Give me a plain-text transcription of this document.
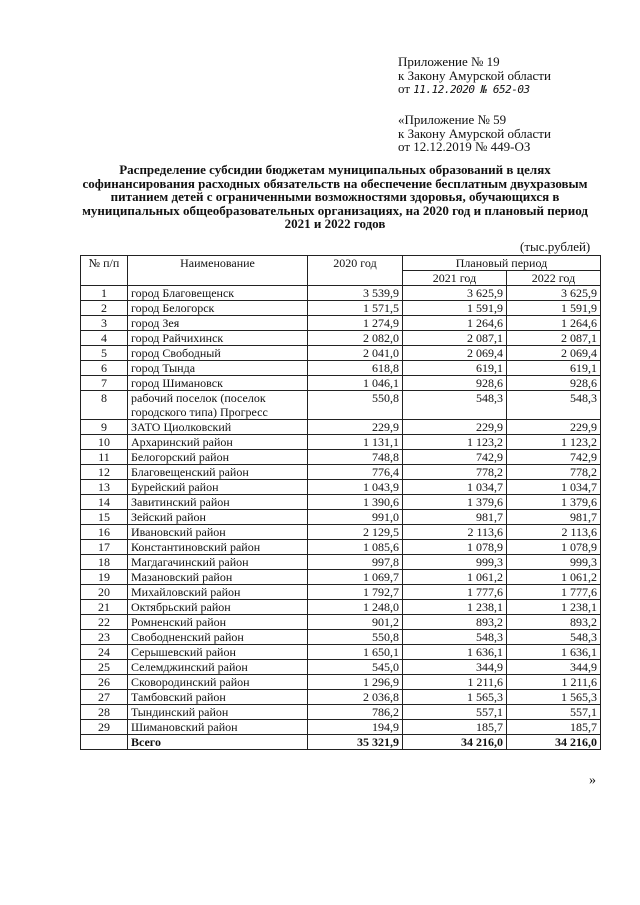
Приложение № 19
к Закону Амурской области
от 11.12.2020 № 652-03
«Приложение № 59
к Закону Амурской области
от 12.12.2019 № 449-ОЗ
Распределение субсидии бюджетам муниципальных образований в целях софинансирования расходных обязательств на обеспечение бесплатным двухразовым питанием детей с ограниченными возможностями здоровья, обучающихся в муниципальных общеобразовательных организациях, на 2020 год и плановый период 2021 и 2022 годов
(тыс.рублей)
№ п/п	Наименование	2020 год	Плановый период	
			2021 год	2022 год
1	город Благовещенск	3 539,9	3 625,9	3 625,9
2	город Белогорск	1 571,5	1 591,9	1 591,9
3	город Зея	1 274,9	1 264,6	1 264,6
4	город Райчихинск	2 082,0	2 087,1	2 087,1
5	город Свободный	2 041,0	2 069,4	2 069,4
6	город Тында	618,8	619,1	619,1
7	город Шимановск	1 046,1	928,6	928,6
8	рабочий поселок (поселок городского типа) Прогресс	550,8	548,3	548,3
9	ЗАТО Циолковский	229,9	229,9	229,9
10	Архаринский район	1 131,1	1 123,2	1 123,2
11	Белогорский район	748,8	742,9	742,9
12	Благовещенский район	776,4	778,2	778,2
13	Бурейский район	1 043,9	1 034,7	1 034,7
14	Завитинский район	1 390,6	1 379,6	1 379,6
15	Зейский район	991,0	981,7	981,7
16	Ивановский район	2 129,5	2 113,6	2 113,6
17	Константиновский район	1 085,6	1 078,9	1 078,9
18	Магдагачинский район	997,8	999,3	999,3
19	Мазановский район	1 069,7	1 061,2	1 061,2
20	Михайловский район	1 792,7	1 777,6	1 777,6
21	Октябрьский район	1 248,0	1 238,1	1 238,1
22	Ромненский район	901,2	893,2	893,2
23	Свободненский район	550,8	548,3	548,3
24	Серышевский район	1 650,1	1 636,1	1 636,1
25	Селемджинский район	545,0	344,9	344,9
26	Сковородинский район	1 296,9	1 211,6	1 211,6
27	Тамбовский район	2 036,8	1 565,3	1 565,3
28	Тындинский район	786,2	557,1	557,1
29	Шимановский район	194,9	185,7	185,7
	Всего	35 321,9	34 216,0	34 216,0
»
